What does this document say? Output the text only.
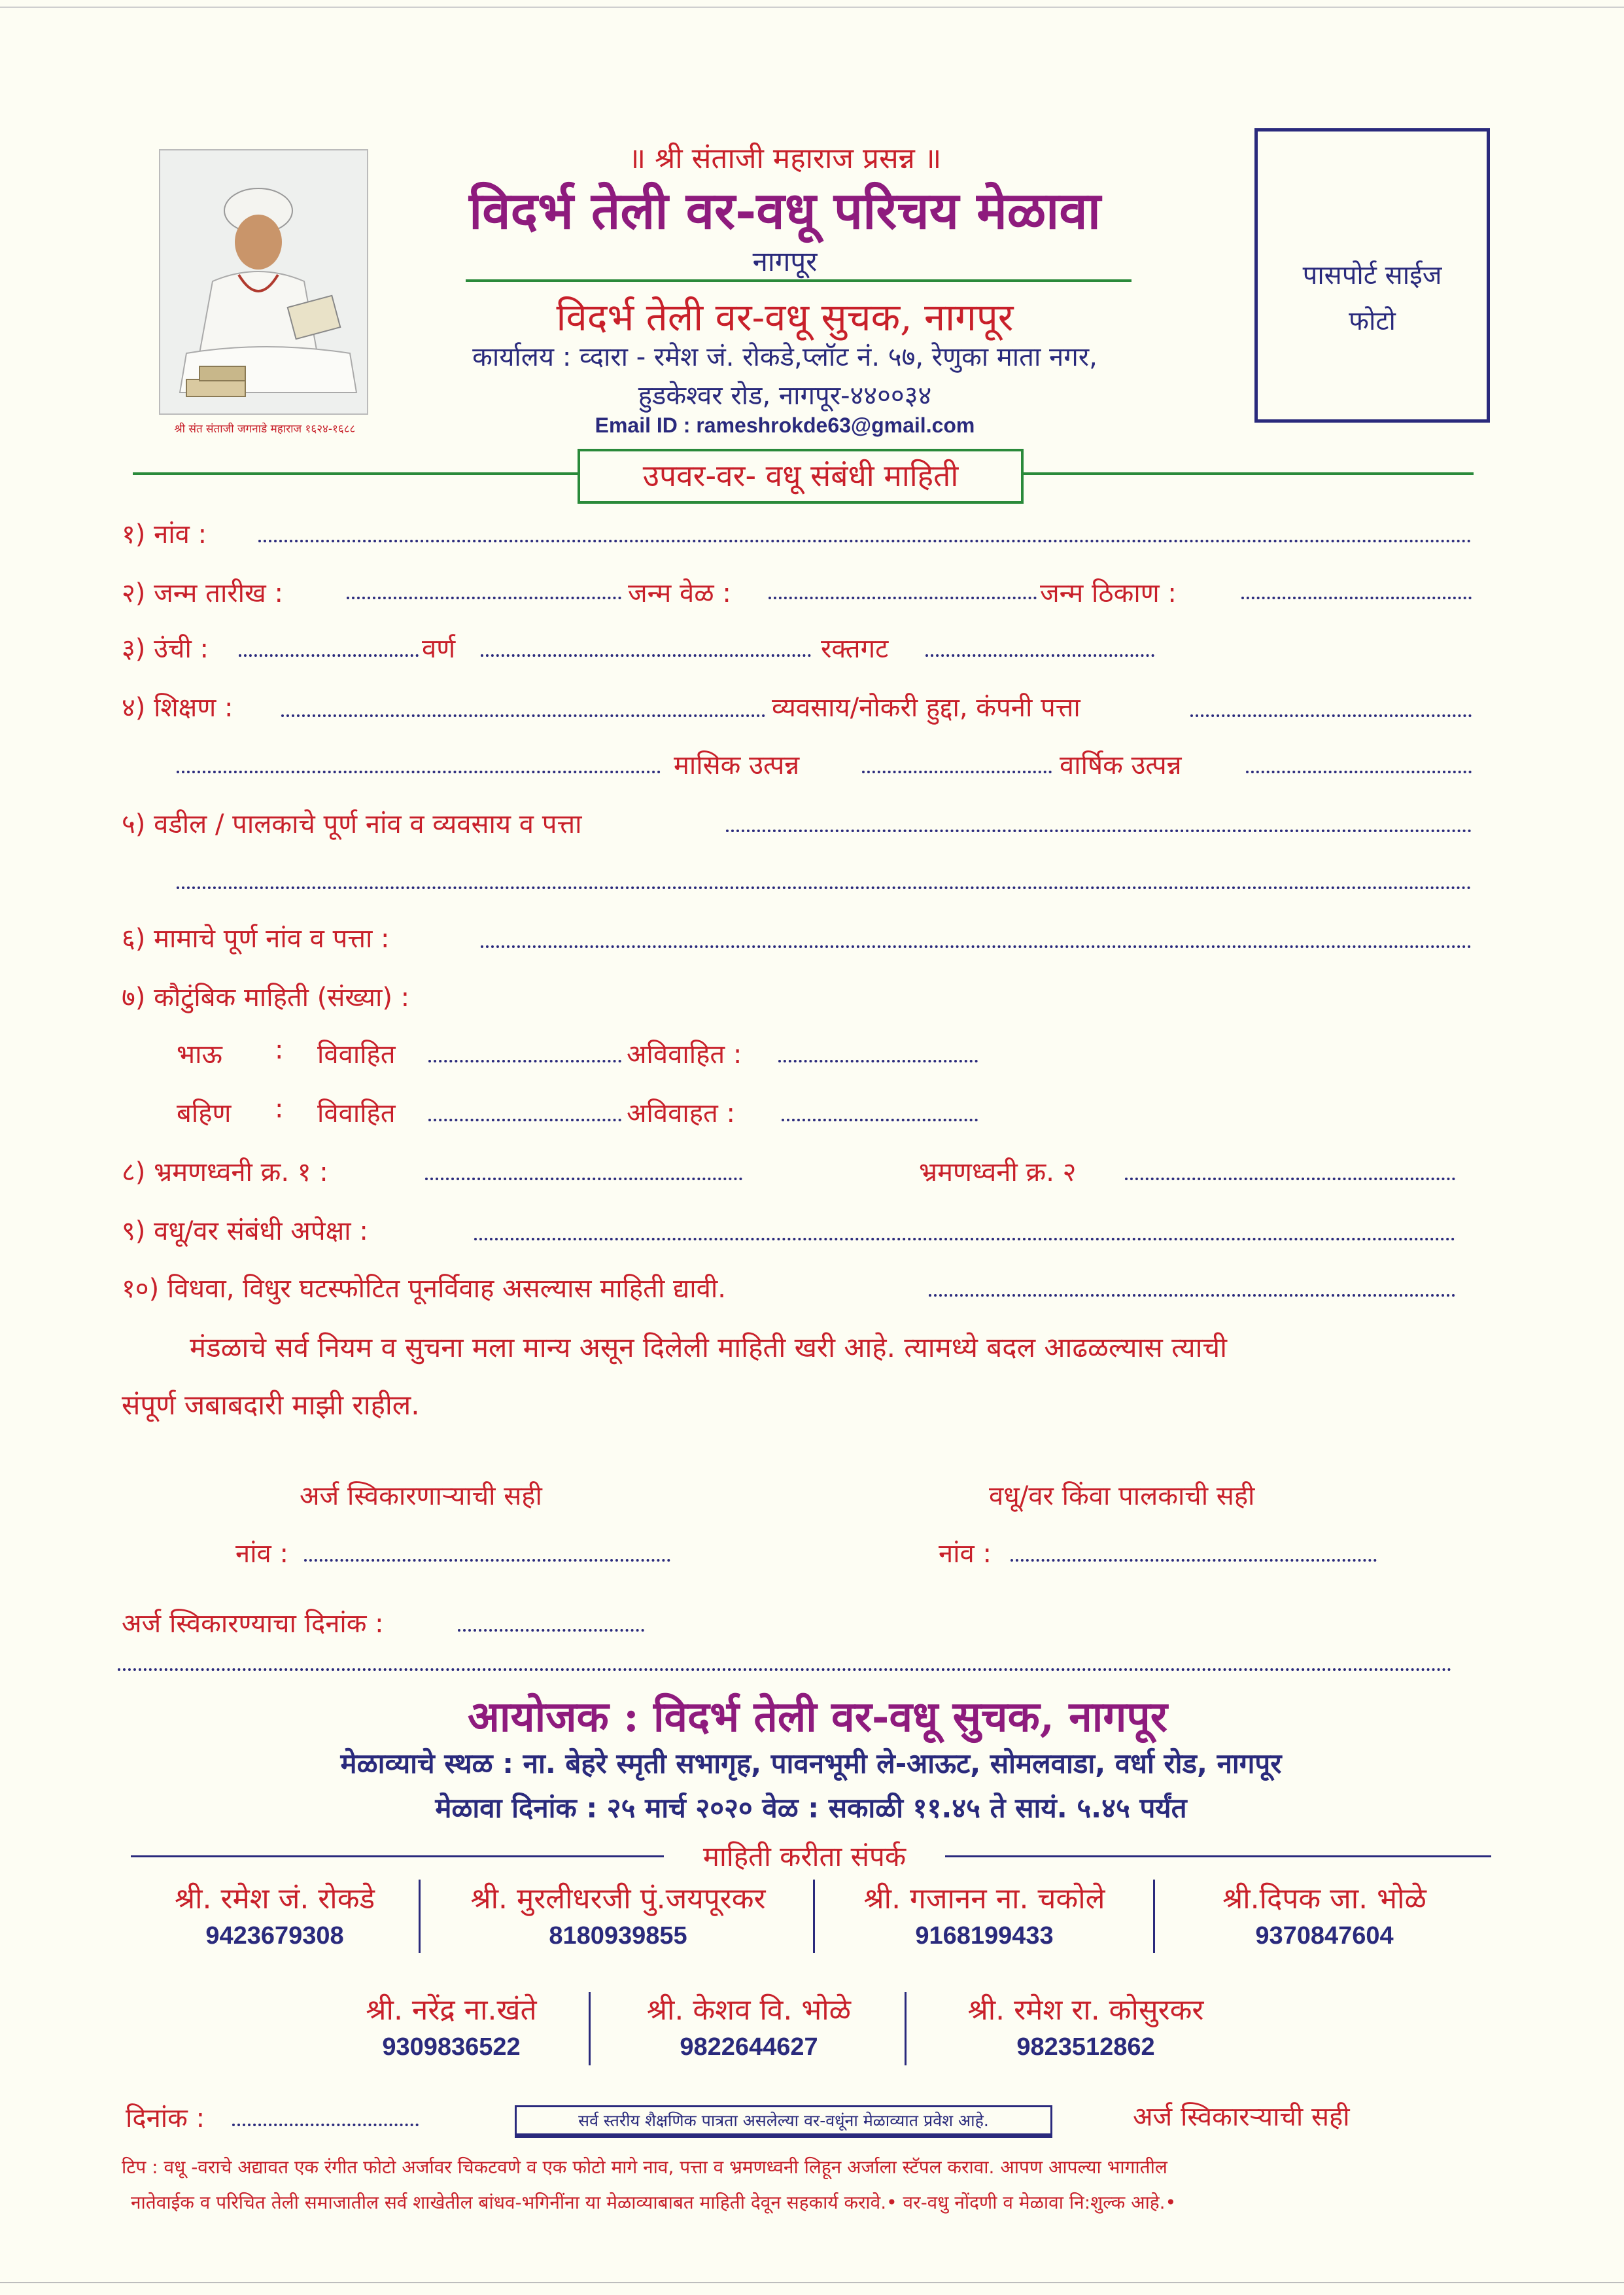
श्री संत संताजी जगनाडे महाराज १६२४-१६८८
॥ श्री संताजी महाराज प्रसन्न ॥
विदर्भ तेली वर-वधू परिचय मेळावा
नागपूर
विदर्भ तेली वर-वधू सुचक, नागपूर
कार्यालय : व्दारा - रमेश जं. रोकडे,प्लॉट नं. ५७, रेणुका माता नगर,
हुडकेश्वर रोड, नागपूर-४४००३४
Email ID : rameshrokde63@gmail.com
पासपोर्ट साईज
फोटो
उपवर-वर- वधू संबंधी माहिती
१) नांव :
२) जन्म तारीख :	जन्म वेळ :	जन्म ठिकाण :
३) उंची :	वर्ण	रक्तगट
४) शिक्षण :	व्यवसाय/नोकरी हुद्दा, कंपनी पत्ता
मासिक उत्पन्न	वार्षिक उत्पन्न
५) वडील / पालकाचे पूर्ण नांव व व्यवसाय व पत्ता
६) मामाचे पूर्ण नांव व पत्ता :
७) कौटुंबिक माहिती (संख्या) :
भाऊ : विवाहित	अविवाहित :
बहिण : विवाहित	अविवाहत :
८) भ्रमणध्वनी क्र. १ :	भ्रमणध्वनी क्र. २
९) वधू/वर संबंधी अपेक्षा :
१०) विधवा, विधुर घटस्फोटित पूनर्विवाह असल्यास माहिती द्यावी.
मंडळाचे सर्व नियम व सुचना मला मान्य असून दिलेली माहिती खरी आहे. त्यामध्ये बदल आढळल्यास त्याची
संपूर्ण जबाबदारी माझी राहील.
अर्ज स्विकारणाऱ्याची सही	वधू/वर किंवा पालकाची सही
नांव :	नांव :
अर्ज स्विकारण्याचा दिनांक :
आयोजक : विदर्भ तेली वर-वधू सुचक, नागपूर
मेळाव्याचे स्थळ : ना. बेहरे स्मृती सभागृह, पावनभूमी ले-आऊट, सोमलवाडा, वर्धा रोड, नागपूर
मेळावा दिनांक : २५ मार्च २०२० वेळ : सकाळी ११.४५ ते सायं. ५.४५ पर्यंत
माहिती करीता संपर्क
श्री. रमेश जं. रोकडे
9423679308
श्री. मुरलीधरजी पुं.जयपूरकर
8180939855
श्री. गजानन ना. चकोले
9168199433
श्री.दिपक जा. भोळे
9370847604
श्री. नरेंद्र ना.खंते
9309836522
श्री. केशव वि. भोळे
9822644627
श्री. रमेश रा. कोसुरकर
9823512862
दिनांक :	सर्व स्तरीय शैक्षणिक पात्रता असलेल्या वर-वधूंना मेळाव्यात प्रवेश आहे.	अर्ज स्विकारऱ्याची सही
टिप : वधू -वराचे अद्यावत एक रंगीत फोटो अर्जावर चिकटवणे व एक फोटो मागे नाव, पत्ता व भ्रमणध्वनी लिहून अर्जाला स्टॅपल करावा. आपण आपल्या भागातील
नातेवाईक व परिचित तेली समाजातील सर्व शाखेतील बांधव-भगिनींना या मेळाव्याबाबत माहिती देवून सहकार्य करावे.• वर-वधु नोंदणी व मेळावा नि:शुल्क आहे.•
